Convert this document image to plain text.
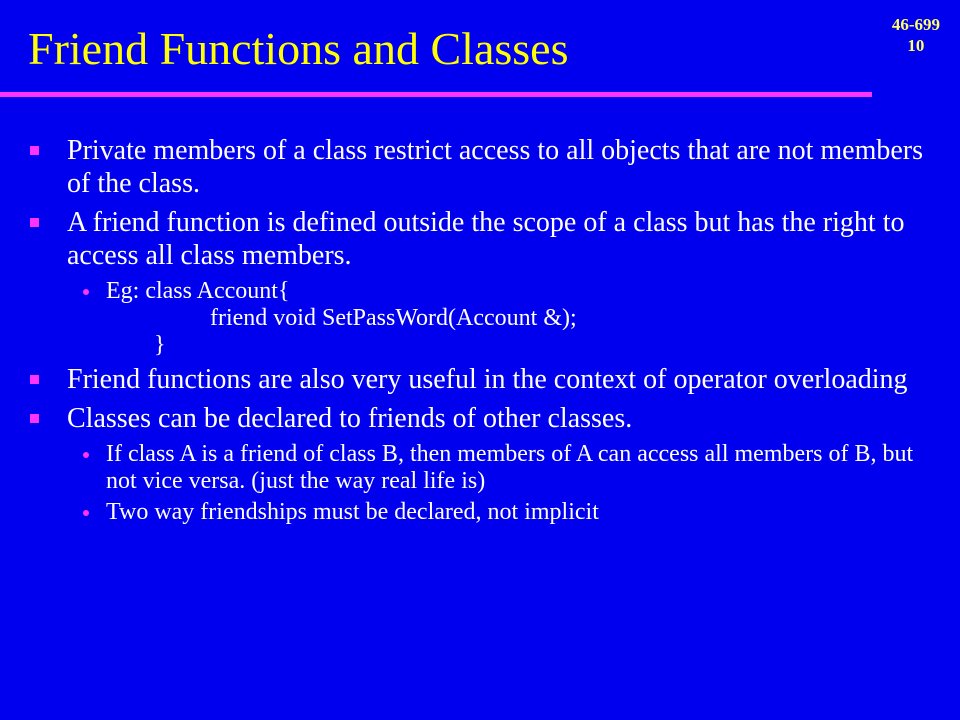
46-699
10
Friend Functions and Classes
Private members of a class restrict access to all objects that are not members of the class.
A friend function is defined outside the scope of a class but has the right to access all class members.
Eg: class Account{
friend void SetPassWord(Account &);
}
Friend functions are also very useful in the context of operator overloading
Classes can be declared to friends of other classes.
If class A is a friend of class B, then members of A can access all members of B, but not vice versa. (just the way real life is)
Two way friendships must be declared, not implicit
